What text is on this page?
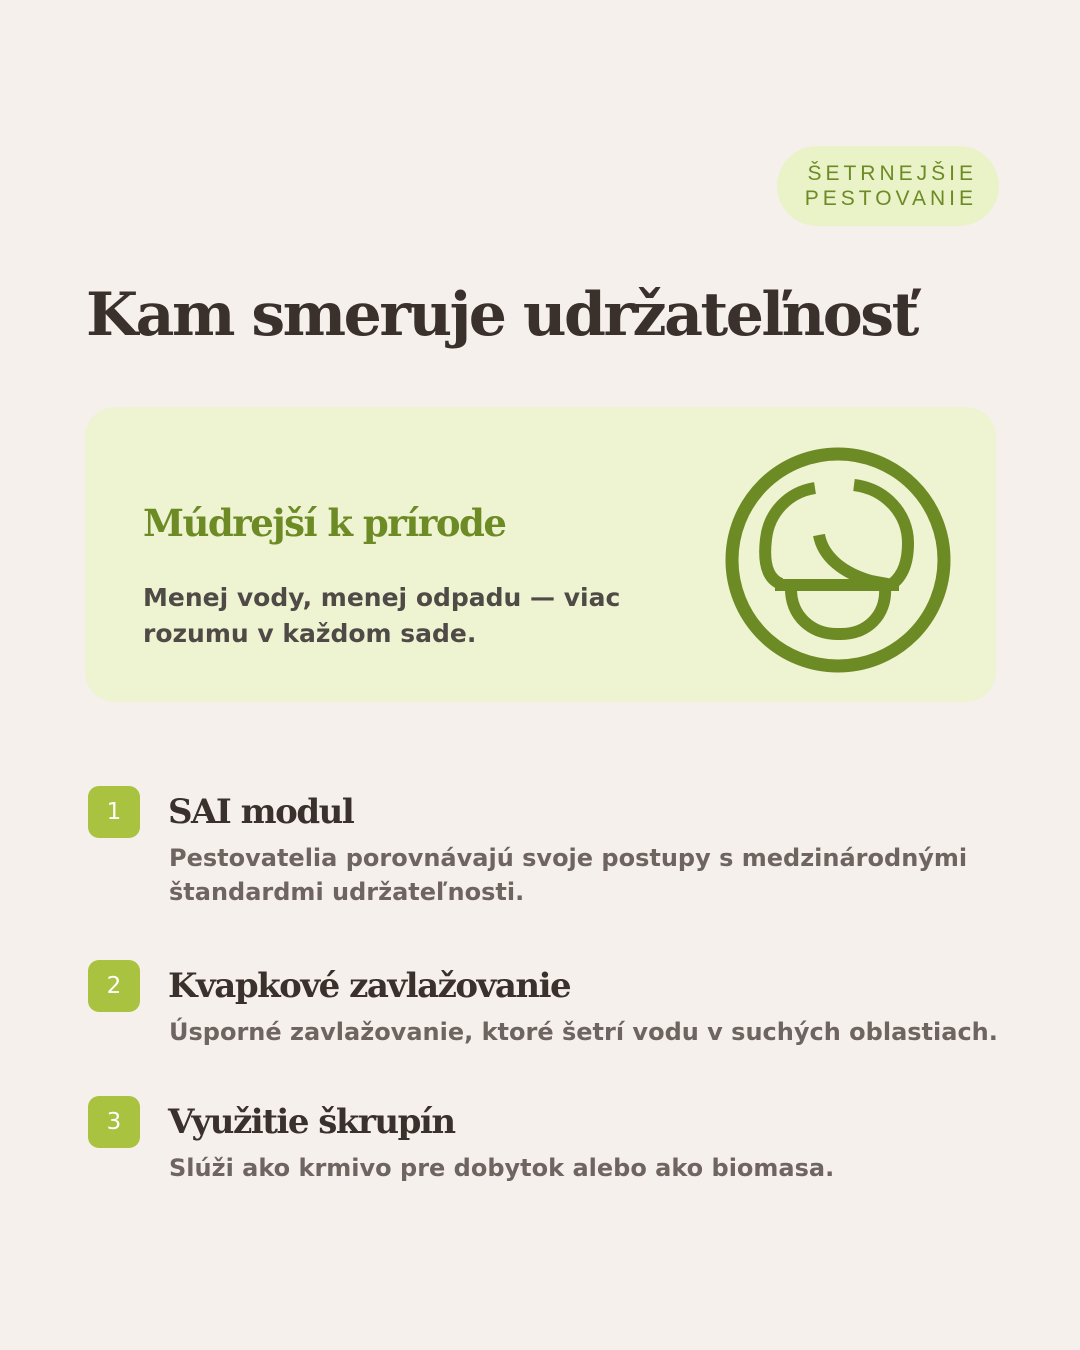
ŠETRNEJŠIE
PESTOVANIE
Kam smeruje udržateľnosť
Múdrejší k prírode

Menej vody, menej odpadu — viac rozumu v každom sade.

1	SAI modul

Pestovatelia porovnávajú svoje postupy s medzinárodnými štandardmi udržateľnosti.

2	Kvapkové zavlažovanie

Úsporné zavlažovanie, ktoré šetrí vodu v suchých oblastiach.

3	Využitie škrupín

Slúži ako krmivo pre dobytok alebo ako biomasa.
